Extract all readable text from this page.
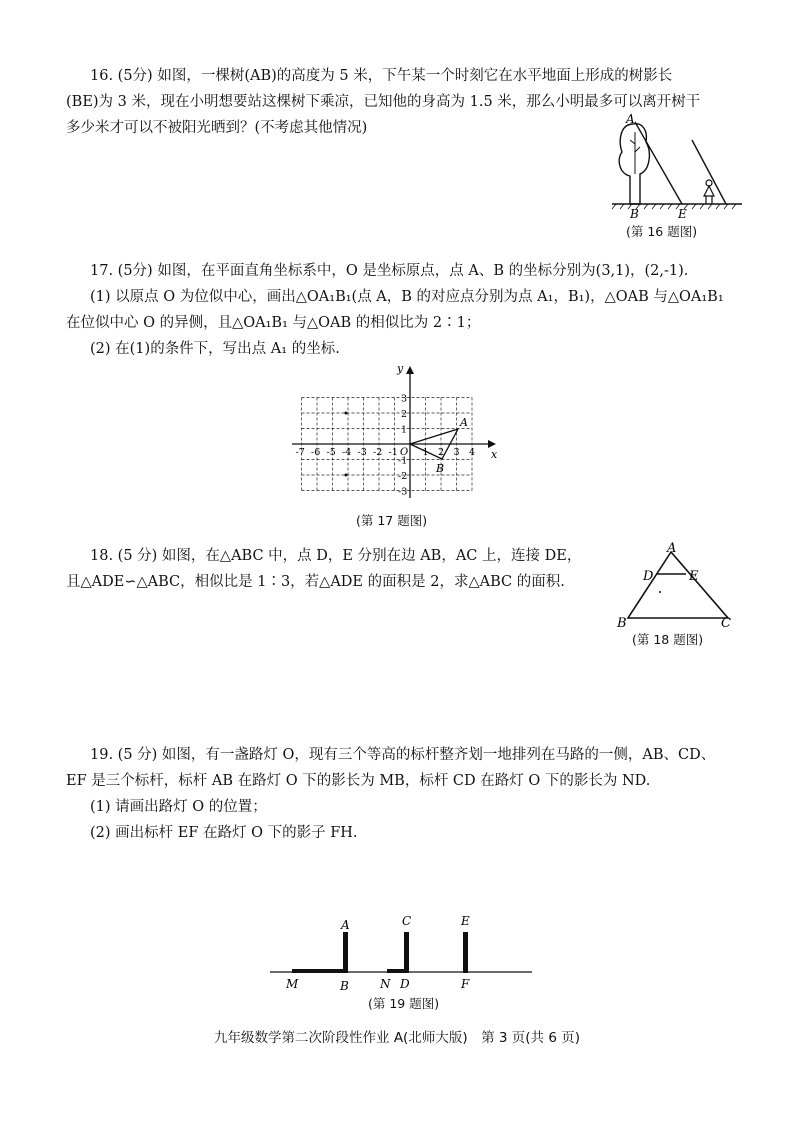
16. (5分) 如图，一棵树(AB)的高度为 5 米，下午某一个时刻它在水平地面上形成的树影长

(BE)为 3 米，现在小明想要站这棵树下乘凉，已知他的身高为 1.5 米，那么小明最多可以离开树干

多少米才可以不被阳光晒到？(不考虑其他情况)

A
B	E
(第 16 题图)

17. (5分) 如图，在平面直角坐标系中，O 是坐标原点，点 A、B 的坐标分别为(3,1)，(2,-1).

(1) 以原点 O 为位似中心，画出△OA₁B₁(点 A，B 的对应点分别为点 A₁，B₁)，△OAB 与△OA₁B₁

在位似中心 O 的异侧，且△OA₁B₁ 与△OAB 的相似比为 2∶1；

(2) 在(1)的条件下，写出点 A₁ 的坐标.

x
y
O
-7 -6 -5 -4 -3 -2 -1	1 2 3 4
3
2
1
-1
-2
-3
A
B
(第 17 题图)

18. (5 分) 如图，在△ABC 中，点 D，E 分别在边 AB，AC 上，连接 DE，

且△ADE∽△ABC，相似比是 1∶3，若△ADE 的面积是 2，求△ABC 的面积.

A
B	C
D	E
(第 18 题图)

19. (5 分) 如图，有一盏路灯 O，现有三个等高的标杆整齐划一地排列在马路的一侧，AB、CD、

EF 是三个标杆，标杆 AB 在路灯 O 下的影长为 MB，标杆 CD 在路灯 O 下的影长为 ND.

(1) 请画出路灯 O 的位置；

(2) 画出标杆 EF 在路灯 O 下的影子 FH.

A	C	E
M	B	N D	F
(第 19 题图)
九年级数学第二次阶段性作业 A(北师大版)　第 3 页(共 6 页)
